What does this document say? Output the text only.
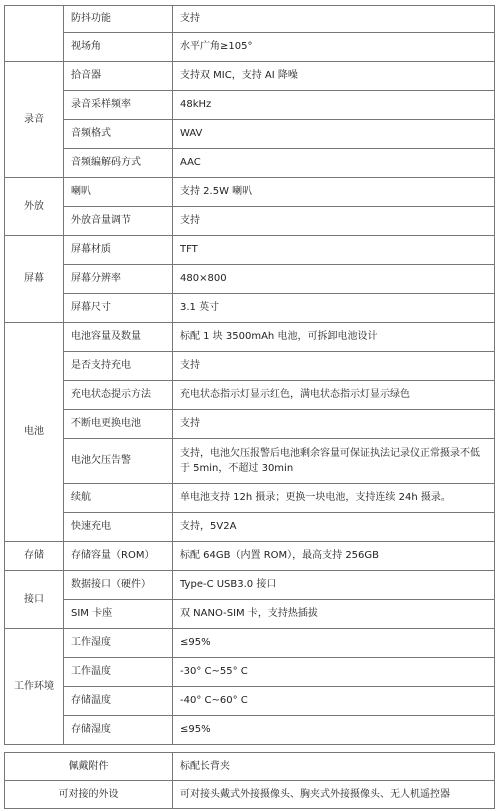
	防抖功能	支持
	视场角	水平广角≥105°
录音	拾音器	支持双 MIC，支持 AI 降噪
	录音采样频率	48kHz
	音频格式	WAV
	音频编解码方式	AAC
外放	喇叭	支持 2.5W 喇叭
	外放音量调节	支持
屏幕	屏幕材质	TFT
	屏幕分辨率	480×800
	屏幕尺寸	3.1 英寸
电池	电池容量及数量	标配 1 块 3500mAh 电池，可拆卸电池设计
	是否支持充电	支持
	充电状态提示方法	充电状态指示灯显示红色，满电状态指示灯显示绿色
	不断电更换电池	支持
	电池欠压告警	支持，电池欠压报警后电池剩余容量可保证执法记录仪正常摄录不低于 5min，不超过 30min
	续航	单电池支持 12h 摄录；更换一块电池，支持连续 24h 摄录。
	快速充电	支持，5V2A
存储	存储容量（ROM）	标配 64GB（内置 ROM），最高支持 256GB
接口	数据接口（硬件）	Type-C USB3.0 接口
	SIM 卡座	双 NANO-SIM 卡，支持热插拔
工作环境	工作湿度	≤95%
	工作温度	-30° C~55° C
	存储温度	-40° C~60° C
	存储湿度	≤95%
佩戴附件	标配长背夹
可对接的外设	可对接头戴式外接摄像头、胸夹式外接摄像头、无人机遥控器
